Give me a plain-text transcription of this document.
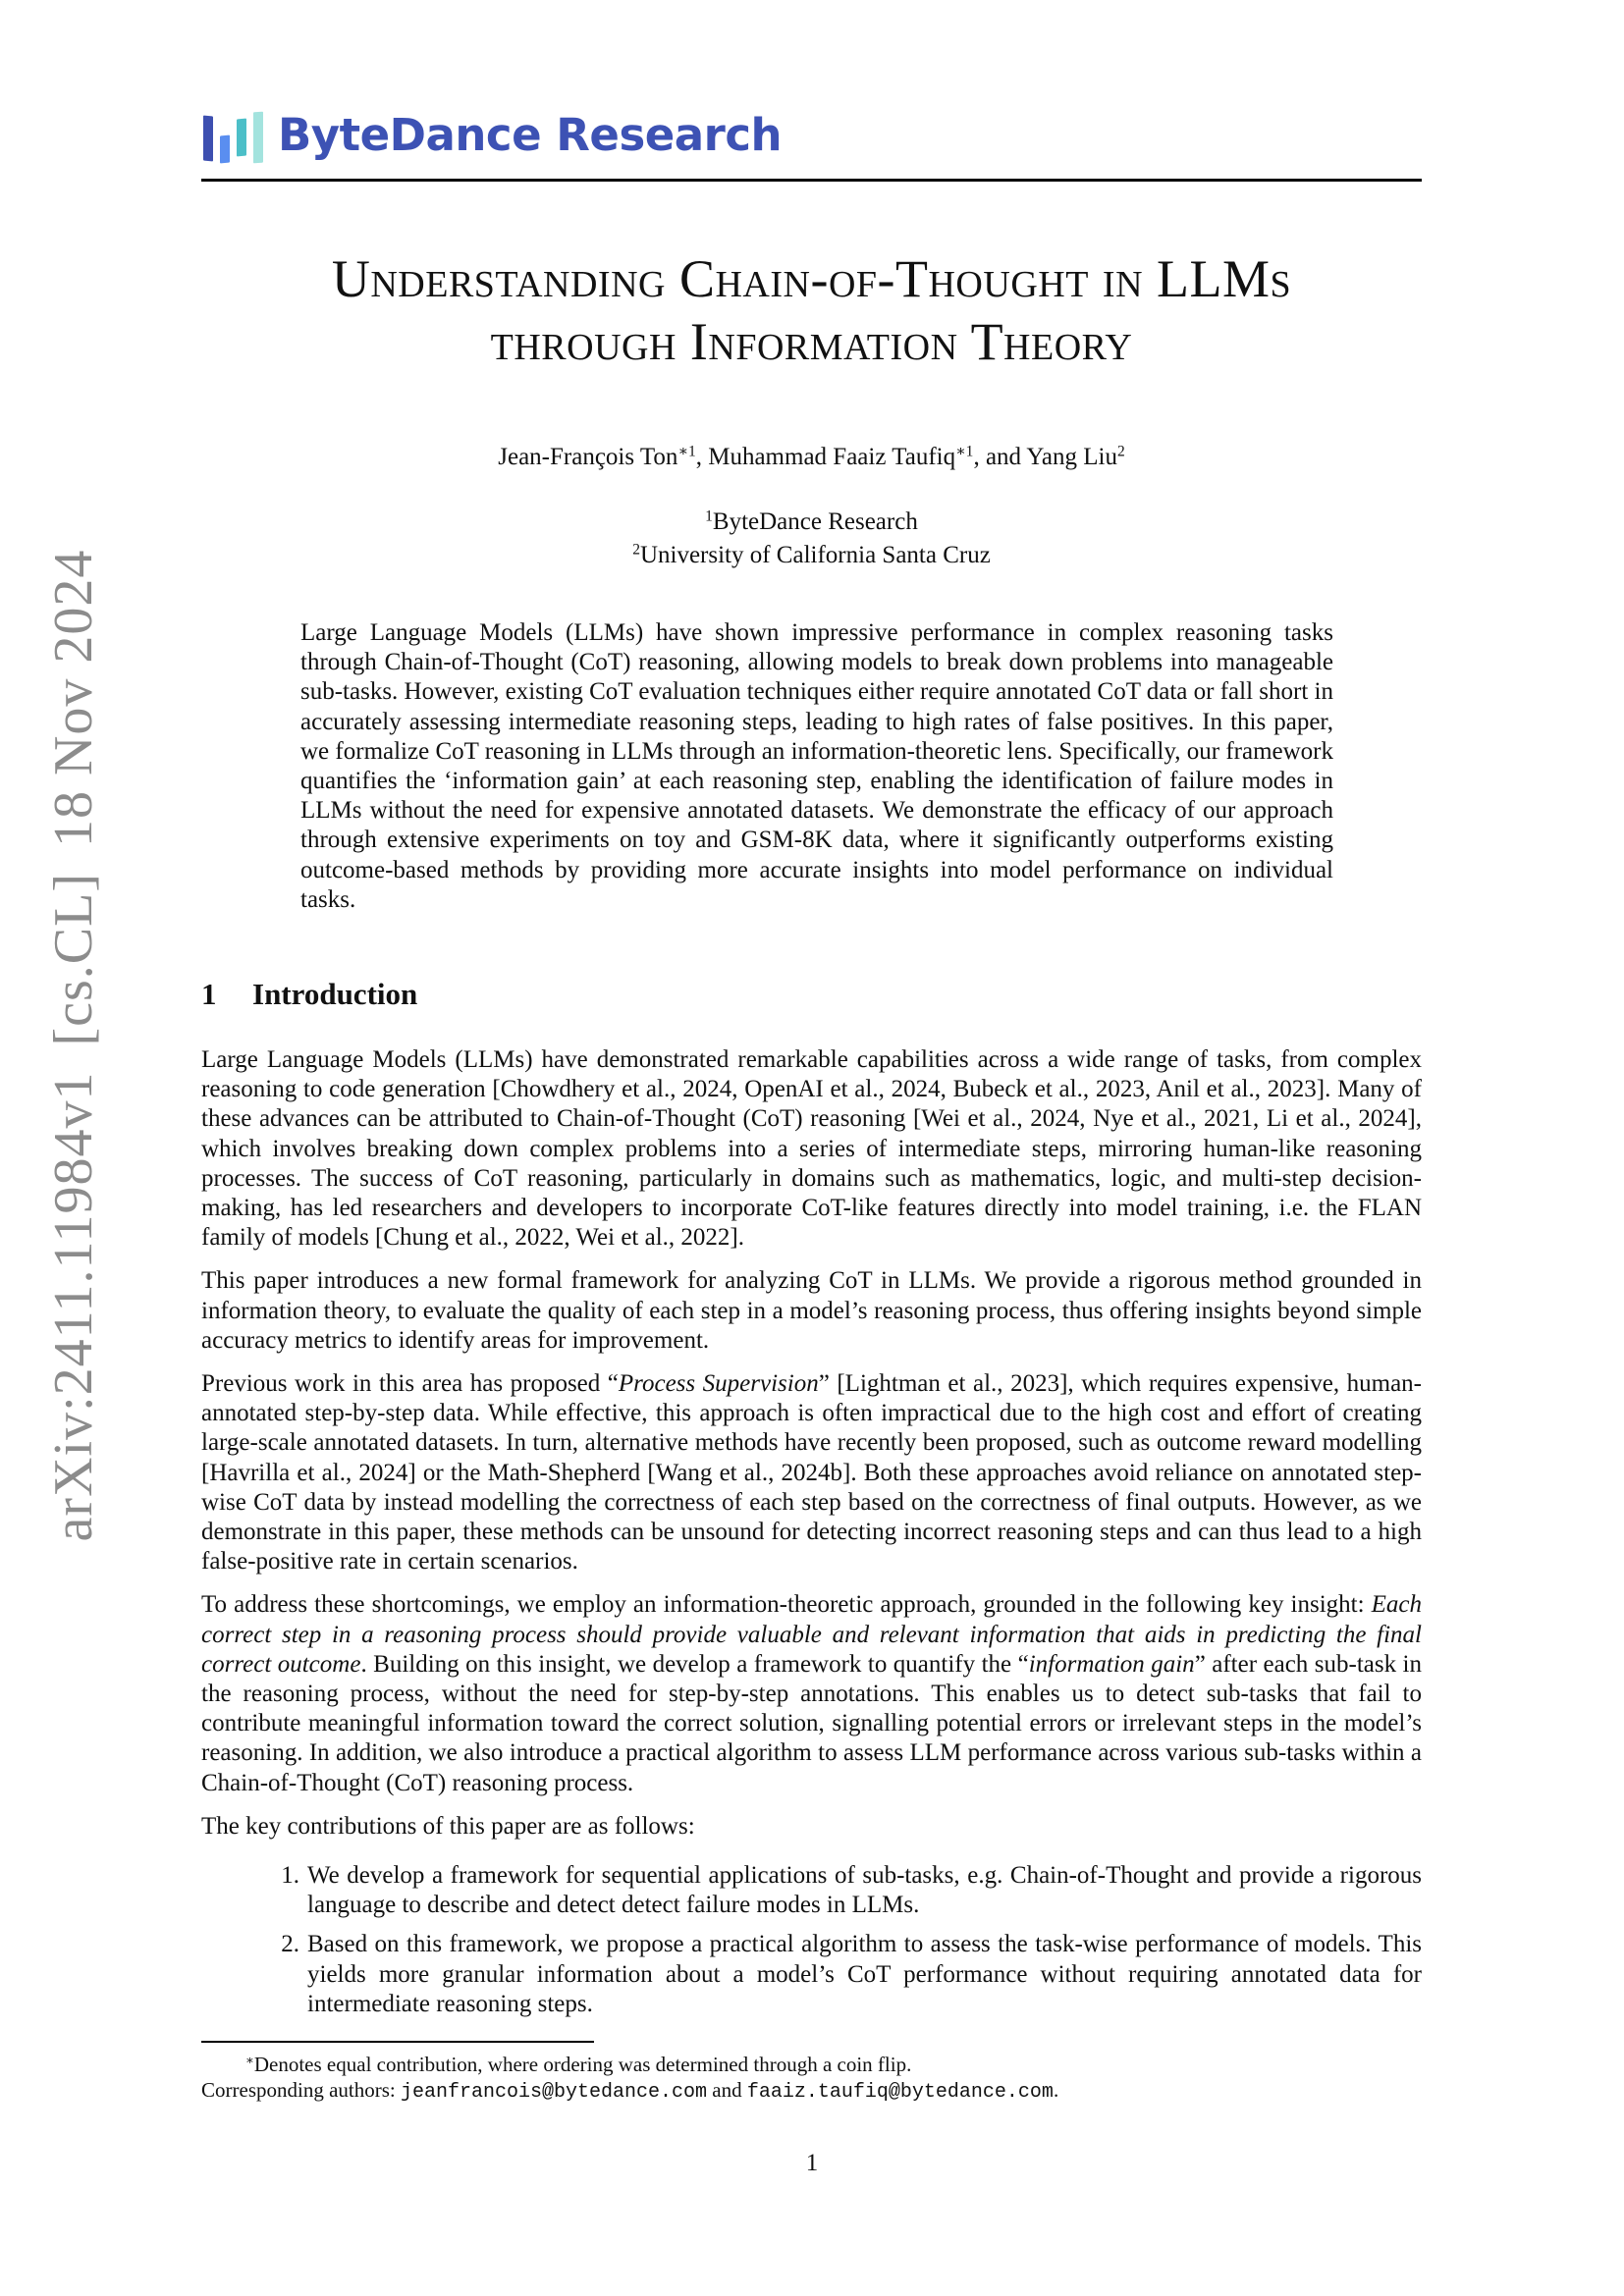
arXiv:2411.11984v1[cs.CL]18 Nov 2024
ByteDance Research
Understanding Chain-of-Thought in LLMs
through Information Theory
Jean-François Ton$^{∗1}$, Muhammad Faaiz Taufiq$^{∗1}$, and Yang Liu$^2$
$^1$ByteDance Research
$^2$University of California Santa Cruz
Large Language Models (LLMs) have shown impressive performance in complex reasoning tasks through Chain-of-Thought (CoT) reasoning, allowing models to break down problems into manageable sub-tasks. However, existing CoT evaluation techniques either require annotated CoT data or fall short in accurately assessing intermediate reasoning steps, leading to high rates of false positives. In this paper, we formalize CoT reasoning in LLMs through an information-theoretic lens. Specifically, our framework quantifies the ‘information gain’ at each reasoning step, enabling the identification of failure modes in LLMs without the need for expensive annotated datasets. We demonstrate the efficacy of our approach through extensive experiments on toy and GSM-8K data, where it significantly outperforms existing outcome-based methods by providing more accurate insights into model performance on individual tasks.
1 Introduction

Large Language Models (LLMs) have demonstrated remarkable capabilities across a wide range of tasks, from complex reasoning to code generation [Chowdhery et al., 2024, OpenAI et al., 2024, Bubeck et al., 2023, Anil et al., 2023]. Many of these advances can be attributed to Chain-of-Thought (CoT) reasoning [Wei et al., 2024, Nye et al., 2021, Li et al., 2024], which involves breaking down complex problems into a series of intermediate steps, mirroring human-like reasoning processes. The success of CoT reasoning, particularly in domains such as mathematics, logic, and multi-step decision-making, has led researchers and developers to incorporate CoT-like features directly into model training, i.e. the FLAN family of models [Chung et al., 2022, Wei et al., 2022].

This paper introduces a new formal framework for analyzing CoT in LLMs. We provide a rigorous method grounded in information theory, to evaluate the quality of each step in a model’s reasoning process, thus offering insights beyond simple accuracy metrics to identify areas for improvement.

Previous work in this area has proposed “Process Supervision” [Lightman et al., 2023], which requires expensive, human-annotated step-by-step data. While effective, this approach is often impractical due to the high cost and effort of creating large-scale annotated datasets. In turn, alternative methods have recently been proposed, such as outcome reward modelling [Havrilla et al., 2024] or the Math-Shepherd [Wang et al., 2024b]. Both these approaches avoid reliance on annotated step-wise CoT data by instead modelling the correctness of each step based on the correctness of final outputs. However, as we demonstrate in this paper, these methods can be unsound for detecting incorrect reasoning steps and can thus lead to a high false-positive rate in certain scenarios.

To address these shortcomings, we employ an information-theoretic approach, grounded in the following key insight: Each correct step in a reasoning process should provide valuable and relevant information that aids in predicting the final correct outcome. Building on this insight, we develop a framework to quantify the “information gain” after each sub-task in the reasoning process, without the need for step-by-step annotations. This enables us to detect sub-tasks that fail to contribute meaningful information toward the correct solution, signalling potential errors or irrelevant steps in the model’s reasoning. In addition, we also introduce a practical algorithm to assess LLM performance across various sub-tasks within a Chain-of-Thought (CoT) reasoning process.

The key contributions of this paper are as follows:

1. We develop a framework for sequential applications of sub-tasks, e.g. Chain-of-Thought and provide a rigorous language to describe and detect detect failure modes in LLMs.
2. Based on this framework, we propose a practical algorithm to assess the task-wise performance of models. This yields more granular information about a model’s CoT performance without requiring annotated data for intermediate reasoning steps.
∗Denotes equal contribution, where ordering was determined through a coin flip.
Corresponding authors: jeanfrancois@bytedance.com and faaiz.taufiq@bytedance.com.
1
